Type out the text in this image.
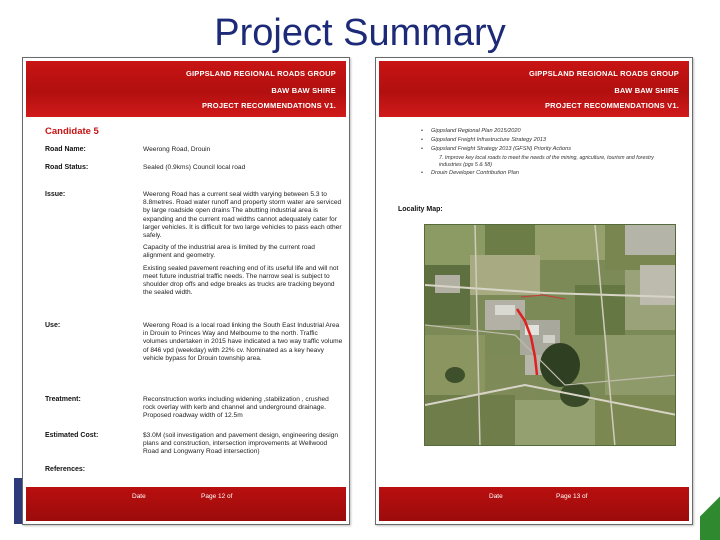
Project Summary
GIPPSLAND REGIONAL ROADS GROUP
BAW BAW SHIRE
PROJECT RECOMMENDATIONS V1.
Candidate 5
Road Name:	Weerong Road, Drouin
Road Status:	Sealed (0.9kms) Council local road
Issue:	Weerong Road has a current seal width varying between 5.3 to 8.8metres. Road water runoff and property storm water are serviced by large roadside open drains The abutting industrial area is expanding and the current road widths cannot adequately cater for larger vehicles. It is difficult for two large vehicles to pass each other safely.
Capacity of the industrial area is limited by the current road alignment and geometry.
Existing sealed pavement reaching end of its useful life and will not meet future industrial traffic needs. The narrow seal is subject to shoulder drop offs and edge breaks as trucks are tracking beyond the sealed width.
Use:	Weerong Road is a local road linking the South East Industrial Area in Drouin to Princes Way and Melbourne to the north. Traffic volumes undertaken in 2015 have indicated a two way traffic volume of 846 vpd (weekday) with 22% cv. Nominated as a key heavy vehicle bypass for Drouin township area.
Treatment:	Reconstruction works including widening ,stabilization , crushed rock overlay with kerb and channel and underground drainage. Proposed roadway width of 12.5m
Estimated Cost:	$3.0M (soil investigation and pavement design, engineering design plans and construction, intersection improvements at Wellwood Road and Longwarry Road intersection)
References:
Date	Page 12 of
GIPPSLAND REGIONAL ROADS GROUP
BAW BAW SHIRE
PROJECT RECOMMENDATIONS V1.
• Gippsland Regional Plan 2015/2020
• Gippsland Freight Infrastructure Strategy 2013
• Gippsland Freight Strategy 2013 (GFSN) Priority Actions
7. Improve key local roads to meet the needs of the mining, agriculture, tourism and forestry industries (pgs 5 & 58)
• Drouin Developer Contribution Plan
Locality Map:
Date	Page 13 of
